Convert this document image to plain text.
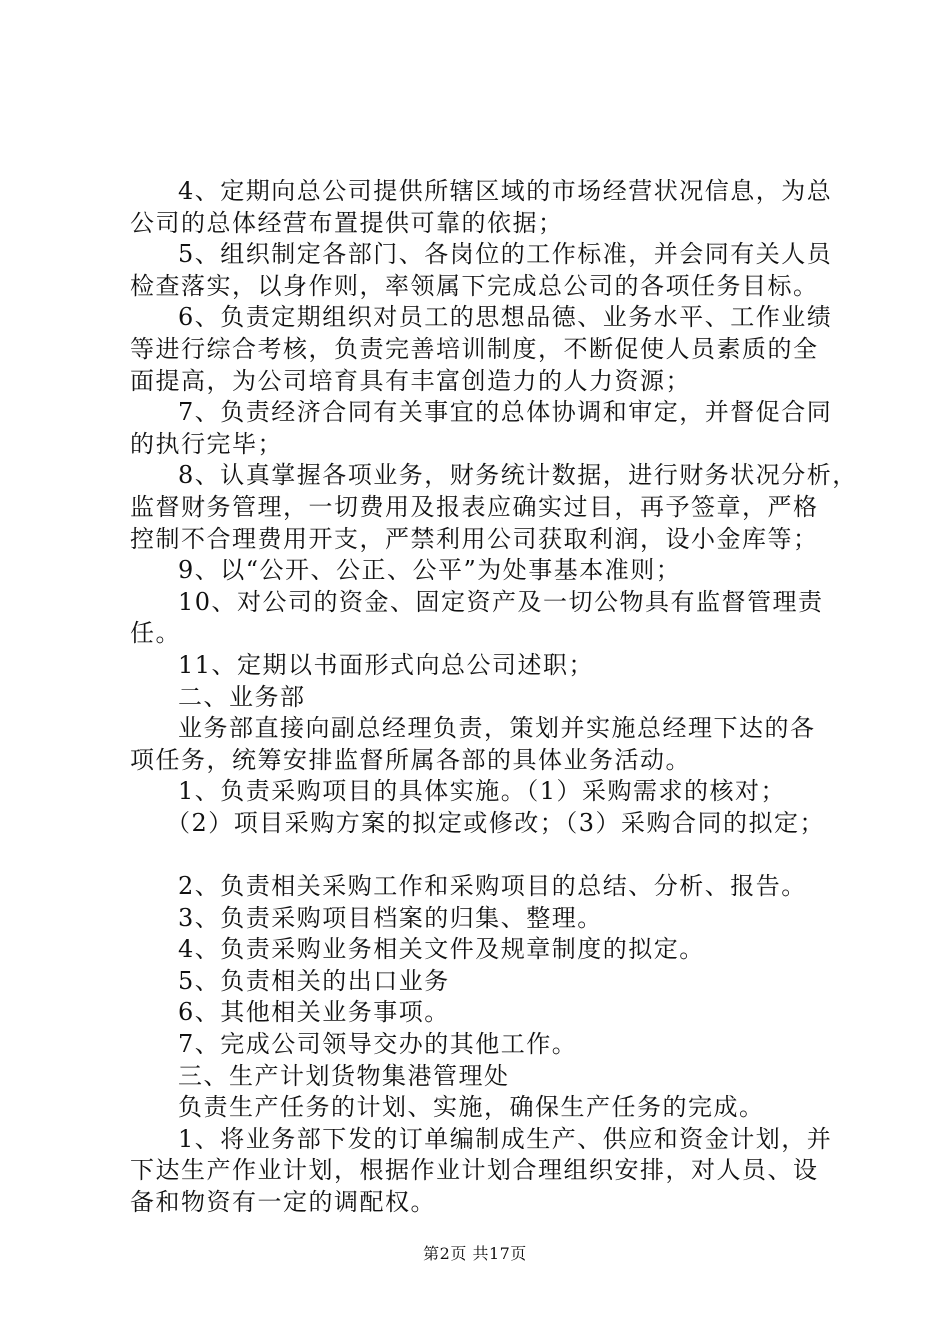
4、定期向总公司提供所辖区域的市场经营状况信息，为总
公司的总体经营布置提供可靠的依据；
5、组织制定各部门、各岗位的工作标准，并会同有关人员
检查落实，以身作则，率领属下完成总公司的各项任务目标。
6、负责定期组织对员工的思想品德、业务水平、工作业绩
等进行综合考核，负责完善培训制度，不断促使人员素质的全
面提高，为公司培育具有丰富创造力的人力资源；
7、负责经济合同有关事宜的总体协调和审定，并督促合同
的执行完毕；
8、认真掌握各项业务，财务统计数据，进行财务状况分析，
监督财务管理，一切费用及报表应确实过目，再予签章，严格
控制不合理费用开支，严禁利用公司获取利润，设小金库等；
9、以“公开、公正、公平”为处事基本准则；
10、对公司的资金、固定资产及一切公物具有监督管理责
任。
11、定期以书面形式向总公司述职；
二、业务部
业务部直接向副总经理负责，策划并实施总经理下达的各
项任务，统筹安排监督所属各部的具体业务活动。
1、负责采购项目的具体实施。（1）采购需求的核对；
（2）项目采购方案的拟定或修改；（3）采购合同的拟定；
2、负责相关采购工作和采购项目的总结、分析、报告。
3、负责采购项目档案的归集、整理。
4、负责采购业务相关文件及规章制度的拟定。
5、负责相关的出口业务
6、其他相关业务事项。
7、完成公司领导交办的其他工作。
三、生产计划货物集港管理处
负责生产任务的计划、实施，确保生产任务的完成。
1、将业务部下发的订单编制成生产、供应和资金计划，并
下达生产作业计划，根据作业计划合理组织安排，对人员、设
备和物资有一定的调配权。
第2页 共17页
